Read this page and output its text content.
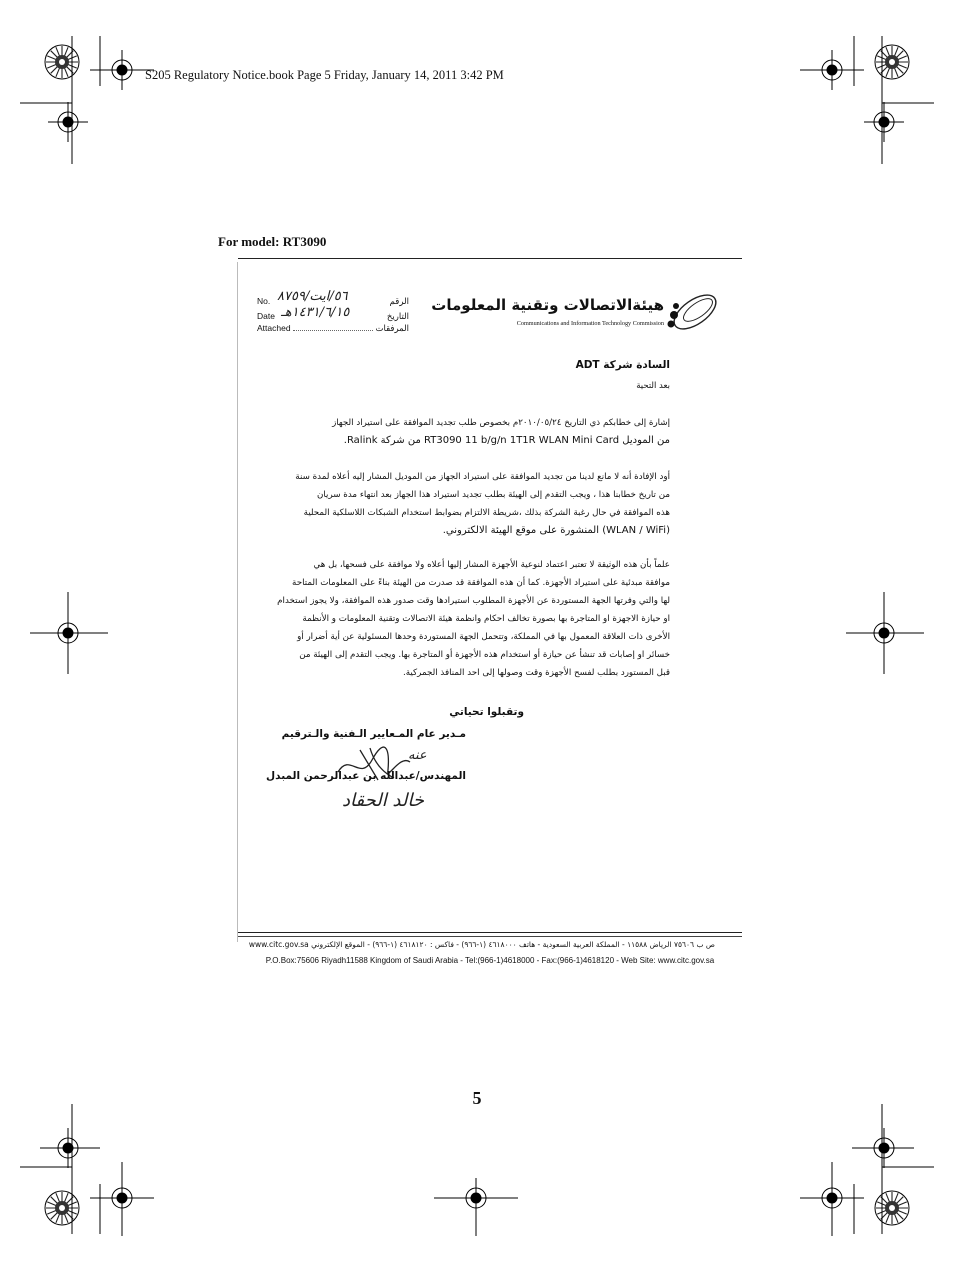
S205 Regulatory Notice.book Page 5 Friday, January 14, 2011 3:42 PM
For model: RT3090
No. ٥٦/ايت/٨٧٥٩	الرقم
Date ١٤٣١/٦/١٥هـ	التاريخ
Attached	المرفقات
هيئةالاتصالات وتقنية المعلومات
Communications and Information Technology Commission
السادة شركة ADT
بعد التحية
إشارة إلى خطابكم ذي التاريخ ٢٠١٠/٠٥/٢٤م بخصوص طلب تجديد الموافقة على استيراد الجهاز
من الموديل RT3090 11 b/g/n 1T1R WLAN Mini Card من شركة Ralink.
أود الإفادة أنه لا مانع لدينا من تجديد الموافقة على استيراد الجهاز من الموديل المشار إليه أعلاه لمدة سنة
من تاريخ خطابنا هذا ، ويجب التقدم إلى الهيئة بطلب تجديد استيراد هذا الجهاز بعد انتهاء مدة سريان
هذه الموافقة في حال رغبة الشركة بذلك ،شريطة الالتزام بضوابط استخدام الشبكات اللاسلكية المحلية
(WLAN / WiFi) المنشورة على موقع الهيئة الالكتروني.
علماً بأن هذه الوثيقة لا تعتبر اعتماد لنوعية الأجهزة المشار إليها أعلاه ولا موافقة على فسحها، بل هي
موافقة مبدئية على استيراد الأجهزة. كما أن هذه الموافقة قد صدرت من الهيئة بناءً على المعلومات المتاحة
لها والتي وفرتها الجهة المستوردة عن الأجهزة المطلوب استيرادها وقت صدور هذه الموافقة، ولا يجوز استخدام
او حيازة الاجهزة او المتاجرة بها بصورة تخالف احكام وانظمة هيئة الاتصالات وتقنية المعلومات و الأنظمة
الأخرى ذات العلاقة المعمول بها في المملكة، وتتحمل الجهة المستوردة وحدها المسئولية عن أية أضرار أو
خسائر او إصابات قد تنشأ عن حيازة أو استخدام هذه الأجهزة أو المتاجرة بها. ويجب التقدم إلى الهيئة من
قبل المستورد بطلب لفسح الأجهزة وقت وصولها إلى احد المنافذ الجمركية.
وتقبلوا تحياتي
مـدير عام المـعايير الـفنية والـترقيم
عنه
المهندس/عبدالله بن عبدالرحمن المبدل
خالد الحقاد
ص ب ٧٥٦٠٦ الرياض ١١٥٨٨ - المملكة العربية السعودية - هاتف ٤٦١٨٠٠٠ (١-٩٦٦) - فاكس : ٤٦١٨١٢٠ (١-٩٦٦) - الموقع الإلكتروني www.citc.gov.sa
P.O.Box:75606 Riyadh11588 Kingdom of Saudi Arabia - Tel:(966-1)4618000 - Fax:(966-1)4618120 - Web Site: www.citc.gov.sa
5
